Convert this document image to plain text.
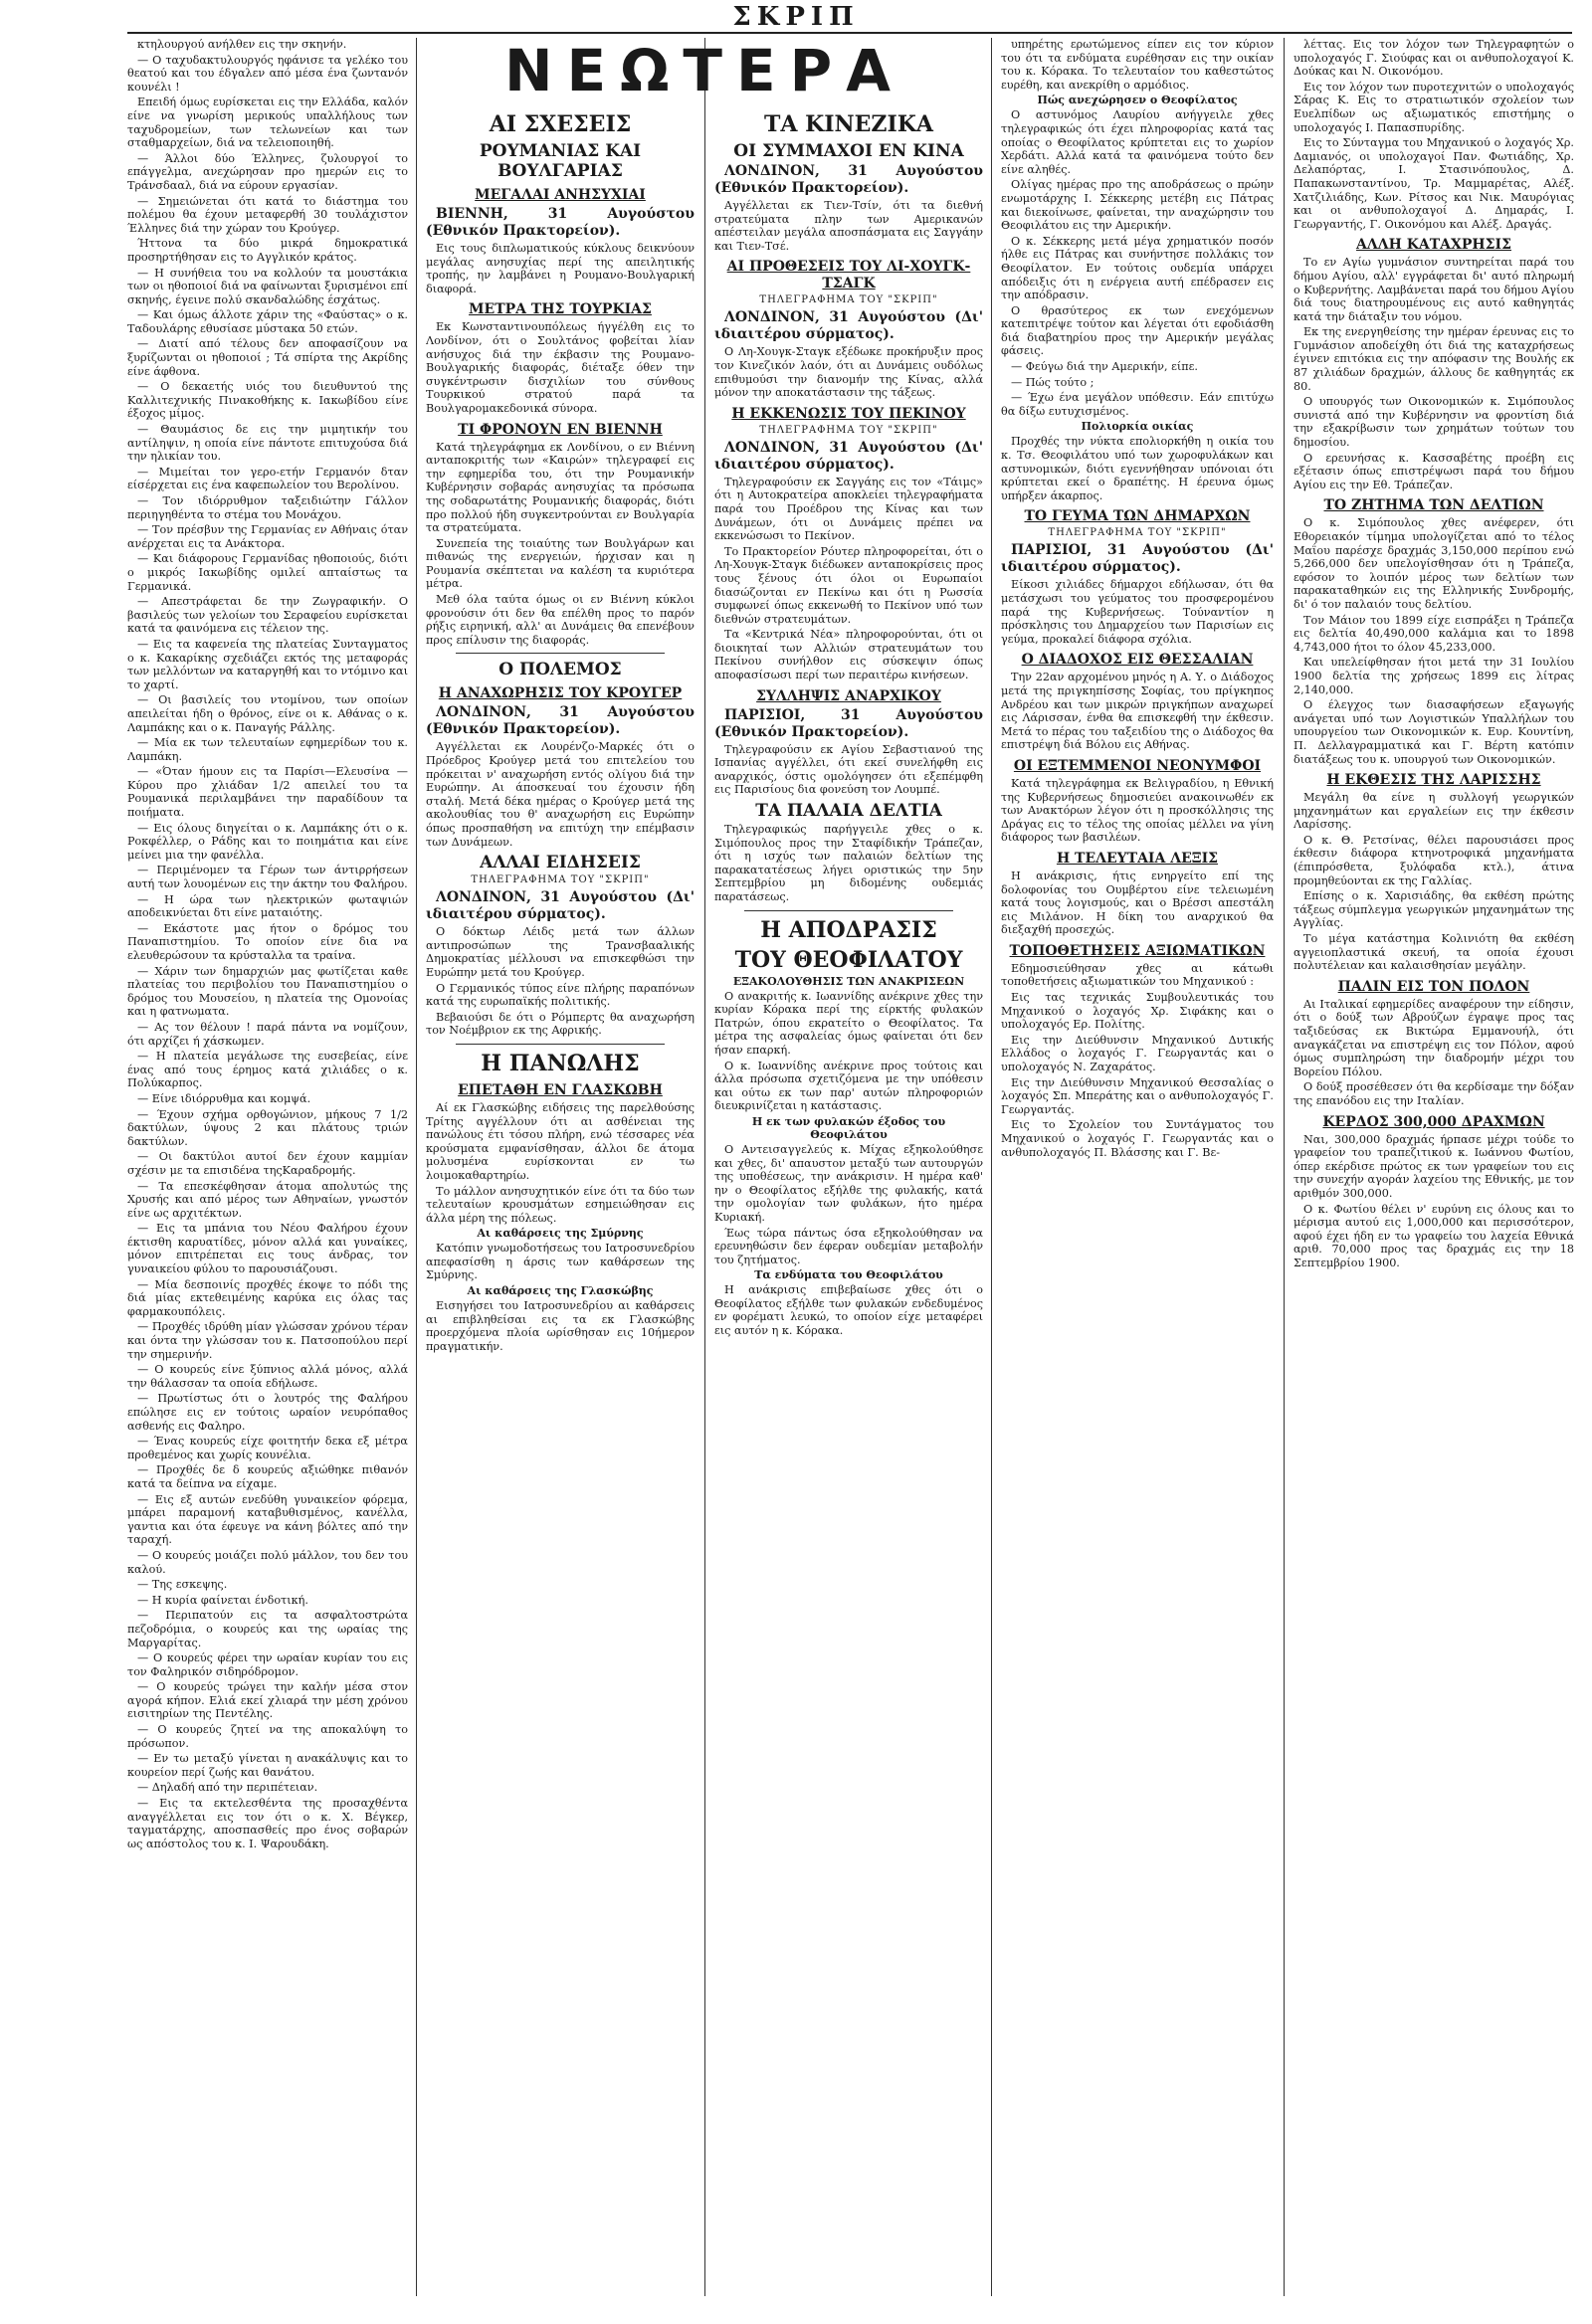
ΣΚΡΙΠ

κτηλουργού ανήλθεν εις την σκηνήν.

— Ο ταχυδακτυλουργός ηφάνισε τα γελέκο του θεατού και του έδγαλεν από μέσα ένα ζωντανόν κουνέλι !

Επειδή όμως ευρίσκεται εις την Ελλάδα, καλόν είνε να γνωρίση μερικούς υπαλλήλους των ταχυδρομείων, των τελωνείων και των σταθμαρχείων, διά να τελειοποιηθή.

— Άλλοι δύο Έλληνες, ζυλουργοί το επάγγελμα, ανεχώρησαν προ ημερών εις το Τράνσδααλ, διά να εύρουν εργασίαν.

— Σημειώνεται ότι κατά το διάστημα του πολέμου θα έχουν μεταφερθή 30 τουλάχιστον Έλληνες διά την χώραν του Κρούγερ.

Ήττονα τα δύο μικρά δημοκρατικά προσηρτήθησαν εις το Αγγλικόν κράτος.

— Η συνήθεια του να κολλούν τα μουστάκια των οι ηθοποιοί διά να φαίνωνται ξυρισμένοι επί σκηνής, έγεινε πολύ σκανδαλώδης έσχάτως.

— Και όμως άλλοτε χάριν της «Φαύστας» ο κ. Ταδουλάρης εθυσίασε μύστακα 50 ετών.

— Διατί από τέλους δεν αποφασίζουν να ξυρίζωνται οι ηθοποιοί ; Τά σπίρτα της Ακρίδης είνε άφθονα.

— Ο δεκαετής υιός του διευθυντού της Καλλιτεχνικής Πινακοθήκης κ. Ιακωβίδου είνε έξοχος μίμος.

— Θαυμάσιος δε εις την μιμητικήν του αντίληψιν, η οποία είνε πάντοτε επιτυχούσα διά την ηλικίαν του.

— Μιμείται τον γερο-ετήν Γερμανόν δταν είσέρχεται εις ένα καφεπωλείον του Βερολίνου.

— Τον ιδιόρρυθμον ταξειδιώτην Γάλλον περιηγηθέντα το στέμα του Μονάχου.

— Τον πρέσβυν της Γερμανίας εν Αθήναις όταν ανέρχεται εις τα Ανάκτορα.

— Και διάφορους Γερμανίδας ηθοποιούς, διότι ο μικρός Ιακωβίδης ομιλεί απταίστως τα Γερμανικά.

— Απεστράφεται δε την Ζωγραφικήν. Ο βασιλεύς των γελοίων του Σεραφείου ευρίσκεται κατά τα φαινόμενα εις τέλειον της.

— Εις τα καφενεία της πλατείας Συνταγματος ο κ. Κακαρίκης σχεδιάζει εκτός της μεταφοράς των μελλόντων να καταργηθή και το ντόμινο και το χαρτί.

— Οι βασιλείς του ντομίνου, των οποίων απειλείται ήδη ο θρόνος, είνε οι κ. Αθάνας ο κ. Λαμπάκης και ο κ. Παναγής Ράλλης.

— Μία εκ των τελευταίων εφημερίδων του κ. Λαμπάκη.

— «Όταν ήμουν εις τα Παρίσι—Ελευσίνα —Κύρου προ χλιάδαν 1/2 απειλεί του τα Ρουμανικά περιλαμβάνει την παραδίδουν τα ποιήματα.

— Εις όλους διηγείται ο κ. Λαμπάκης ότι ο κ. Ροκφέλλερ, ο Ράδης και το ποιημάτια και είνε μείνει μια την φανέλλα.

— Περιμένομεν τα Γέρων των άντιρρήσεων αυτή των λουομένων εις την άκτην του Φαλήρου.

— Η ώρα των ηλεκτρικών φωταψιών αποδεικνύεται δτι είνε ματαιότης.

— Εκάστοτε μας ήτον ο δρόμος του Παναπιστημίου. Το οποίον είνε δια να ελευθερώσουν τα κρύσταλλα τα τραίνα.

— Χάριν των δημαρχιών μας φωτίζεται καθε πλατείας του περιβολίου του Παναπιστημίου ο δρόμος του Μουσείου, η πλατεία της Ομονοίας και η φατνωματα.

— Ας τον θέλουν ! παρά πάντα να νομίζουν, ότι αρχίζει ή χάσκωμεν.

— Η πλατεία μεγάλωσε της ευσεβείας, είνε ένας από τους έρημος κατά χιλιάδες ο κ. Πολύκαρπος.

— Είνε ιδιόρρυθμα και κομψά.

— Έχουν σχήμα ορθογώνιον, μήκους 7 1/2 δακτύλων, ύψους 2 και πλάτους τριών δακτύλων.

— Οι δακτύλοι αυτοί δεν έχουν καμμίαν σχέσιν με τα επισιδένα τηςΚαραδρομής.

— Τα επεσκέφθησαν άτομα απολυτώς της Χρυσής και από μέρος των Αθηναίων, γνωστόν είνε ως αρχιτέκτων.

— Εις τα μπάνια του Νέου Φαλήρου έχουν έκτισθη καρυατίδες, μόνον αλλά και γυναίκες, μόνον επιτρέπεται εις τους άνδρας, τον γυναικείου φύλου το παρουσιάζουσι.

— Μία δεσποινίς προχθές έκοψε το πόδι της διά μίας εκτεθειμένης καρύκα εις όλας τας φαρμακουπόλεις.

— Προχθές ιδρύθη μίαν γλώσσαν χρόνου τέραν και όντα την γλώσσαν του κ. Πατσοπούλου περί την σημερινήν.

— Ο κουρεύς είνε ξύπνιος αλλά μόνος, αλλά την θάλασσαν τα οποία εδήλωσε.

— Πρωτίστως ότι ο λουτρός της Φαλήρου επώλησε εις εν τούτοις ωραίον νευρόπαθος ασθενής εις Φαληρο.

— Ένας κουρεύς είχε φοιτητήν δεκα εξ μέτρα προθεμένος και χωρίς κουνέλια.

— Προχθές δε δ κουρεύς αξιώθηκε πιθανόν κατά τα δείπνα να είχαμε.

— Εις εξ αυτών ενεδύθη γυναικείον φόρεμα, μπάρει παραμονή καταβυθισμένος, κανέλλα, γαντια και ότα έφευγε να κάνη βόλτες από την ταραχή.

— Ο κουρεύς μοιάζει πολύ μάλλον, του δεν του καλού.

— Της εσκεψης.

— Η κυρία φαίνεται ένδοτική.

— Περιπατούν εις τα ασφαλτοστρώτα πεζοδρόμια, ο κουρεύς και της ωραίας της Μαργαρίτας.

— Ο κουρεύς φέρει την ωραίαν κυρίαν του εις τον Φαληρικόν σιδηρόδρομον.

— Ο κουρεύς τρώγει την καλήν μέσα στον αγορά κήπον. Ελιά εκεί χλιαρά την μέση χρόνου εισιτηρίων της Πεντέλης.

— Ο κουρεύς ζητεί να της αποκαλύψη το πρόσωπον.

— Εν τω μεταξύ γίνεται η ανακάλυψις και το κουρείον περί ζωής και θανάτου.

— Δηλαδή από την περιπέτειαν.

— Εις τα εκτελεσθέντα της προσαχθέντα αναγγέλλεται εις τον ότι ο κ. Χ. Βέγκερ, ταγματάρχης, αποσπασθείς προ ένος σοβαρών ως απόστολος του κ. I. Ψαρουδάκη.

ΝΕΩΤΕΡΑ
ΑΙ ΣΧΕΣΕΙΣ
ΡΟΥΜΑΝΙΑΣ ΚΑΙ ΒΟΥΛΓΑΡΙΑΣ
ΜΕΓΑΛΑΙ ΑΝΗΣΥΧΙΑΙ
ΒΙΕΝΝΗ, 31 Αυγούστου (Εθνικόν Πρακτορείον).

Εις τους διπλωματικούς κύκλους δεικνύουν μεγάλας ανησυχίας περί της απειλητικής τροπής, ην λαμβάνει η Ρουμανο-Βουλγαρική διαφορά.

ΜΕΤΡΑ ΤΗΣ ΤΟΥΡΚΙΑΣ

Εκ Κωνσταντινουπόλεως ήγγέλθη εις το Λονδίνον, ότι ο Σουλτάνος φοβείται λίαν ανήσυχος διά την έκβασιν της Ρουμανο-Βουλγαρικής διαφοράς, διέταξε όθεν την συγκέντρωσιν δισχιλίων του σύνθους Τουρκικού στρατού παρά τα Βουλγαρομακεδονικά σύνορα.

ΤΙ ΦΡΟΝΟΥΝ ΕΝ ΒΙΕΝΝΗ

Κατά τηλεγράφημα εκ Λονδίνου, ο εν Βιέννη ανταποκριτής των «Καιρών» τηλεγραφεί εις την εφημερίδα του, ότι την Ρουμανικήν Κυβέρνησιν σοβαράς ανησυχίας τα πρόσωπα της σοδαρωτάτης Ρουμανικής διαφοράς, διότι προ πολλού ήδη συγκεντρούνται εν Βουλγαρία τα στρατεύματα.

Συνεπεία της τοιαύτης των Βουλγάρων και πιθανώς της ενεργειών, ήρχισαν και η Ρουμανία σκέπτεται να καλέση τα κυριότερα μέτρα.

Μεθ όλα ταύτα όμως οι εν Βιέννη κύκλοι φρονούσιν ότι δεν θα επέλθη προς το παρόν ρήξις ειρηνική, αλλ' αι Δυνάμεις θα επενέβουν προς επίλυσιν της διαφοράς.

Ο ΠΟΛΕΜΟΣ
Η ΑΝΑΧΩΡΗΣΙΣ ΤΟΥ ΚΡΟΥΓΕΡ
ΛΟΝΔΙΝΟΝ, 31 Αυγούστου (Εθνικόν Πρακτορείον).

Αγγέλλεται εκ Λουρένζο-Μαρκές ότι ο Πρόεδρος Κρούγερ μετά του επιτελείου του πρόκειται ν' αναχωρήση εντός ολίγου διά την Ευρώπην. Αι άποσκευαί του έχουσιν ήδη σταλή. Μετά δέκα ημέρας ο Κρούγερ μετά της ακολουθίας του θ' αναχωρήση εις Ευρώπην όπως προσπαθήση να επιτύχη την επέμβασιν των Δυνάμεων.

ΑΛΛΑΙ ΕΙΔΗΣΕΙΣ
ΤΗΛΕΓΡΑΦΗΜΑ ΤΟΥ "ΣΚΡΙΠ"
ΛΟΝΔΙΝΟΝ, 31 Αυγούστου (Δι' ιδιαιτέρου σύρματος).

Ο δόκτωρ Λέιδς μετά των άλλων αντιπροσώπων της Τρανσβααλικής Δημοκρατίας μέλλουσι να επισκεφθώσι την Ευρώπην μετά του Κρούγερ.

Ο Γερμανικός τύπος είνε πλήρης παραπόνων κατά της ευρωπαϊκής πολιτικής.

Βεβαιούσι δε ότι ο Ρόμπερτς θα αναχωρήση τον Νοέμβριον εκ της Αφρικής.

Η ΠΑΝΩΛΗΣ
ΕΠΕΤΑΘΗ ΕΝ ΓΛΑΣΚΩΒΗ

Αί εκ Γλασκώβης ειδήσεις της παρελθούσης Τρίτης αγγέλλουν ότι αι ασθένειαι της πανώλους έτι τόσου πλήρη, ενώ τέσσαρες νέα κρούσματα εμφανίσθησαν, άλλοι δε άτομα μολυσμένα ευρίσκονται εν τω λοιμοκαθαρτηρίω.

Το μάλλον ανησυχητικόν είνε ότι τα δύο των τελευταίων κρουσμάτων εσημειώθησαν εις άλλα μέρη της πόλεως.

Αι καθάρσεις της Σμύρνης

Κατόπιν γνωμοδοτήσεως του Ιατροσυνεδρίου απεφασίσθη η άρσις των καθάρσεων της Σμύρνης.

Αι καθάρσεις της Γλασκώβης

Εισηγήσει του Ιατροσυνεδρίου αι καθάρσεις αι επιβληθείσαι εις τα εκ Γλασκώβης προερχόμενα πλοία ωρίσθησαν εις 10ήμερον πραγματικήν.

ΤΑ ΚΙΝΕΖΙΚΑ
ΟΙ ΣΥΜΜΑΧΟΙ ΕΝ ΚΙΝΑ
ΛΟΝΔΙΝΟΝ, 31 Αυγούστου (Εθνικόν Πρακτορείον).

Αγγέλλεται εκ Τιεν-Τσίν, ότι τα διεθνή στρατεύματα πλην των Αμερικανών απέστειλαν μεγάλα αποσπάσματα εις Σαγγάην και Τιεν-Τσέ.

ΑΙ ΠΡΟΘΕΣΕΙΣ ΤΟΥ ΛΙ-ΧΟΥΓΚ-ΤΣΑΓΚ
ΤΗΛΕΓΡΑΦΗΜΑ ΤΟΥ "ΣΚΡΙΠ"
ΛΟΝΔΙΝΟΝ, 31 Αυγούστου (Δι' ιδιαιτέρου σύρματος).

Ο Λη-Χουγκ-Σταγκ εξέδωκε προκήρυξιν προς τον Κινεζικόν λαόν, ότι αι Δυνάμεις ουδόλως επιθυμούσι την διανομήν της Κίνας, αλλά μόνον την αποκατάστασιν της τάξεως.

Η ΕΚΚΕΝΩΣΙΣ ΤΟΥ ΠΕΚΙΝΟΥ
ΤΗΛΕΓΡΑΦΗΜΑ ΤΟΥ "ΣΚΡΙΠ"
ΛΟΝΔΙΝΟΝ, 31 Αυγούστου (Δι' ιδιαιτέρου σύρματος).

Τηλεγραφούσιν εκ Σαγγάης εις τον «Τάιμς» ότι η Αυτοκρατείρα αποκλείει τηλεγραφήματα παρά του Προέδρου της Κίνας και των Δυνάμεων, ότι οι Δυνάμεις πρέπει να εκκενώσωσι το Πεκίνον.

Το Πρακτορείον Ρόυτερ πληροφορείται, ότι ο Λη-Χουγκ-Σταγκ διέδωκεν ανταποκρίσεις προς τους ξένους ότι όλοι οι Ευρωπαίοι διασώζονται εν Πεκίνω και ότι η Ρωσσία συμφωνεί όπως εκκενωθή το Πεκίνον υπό των διεθνών στρατευμάτων.

Τα «Κεντρικά Νέα» πληροφορούνται, ότι οι διοικηταί των Αλλιών στρατευμάτων του Πεκίνου συνήλθον εις σύσκεψιν όπως αποφασίσωσι περί των περαιτέρω κινήσεων.

ΣΥΛΛΗΨΙΣ ΑΝΑΡΧΙΚΟΥ
ΠΑΡΙΣΙΟΙ, 31 Αυγούστου (Εθνικόν Πρακτορείον).

Τηλεγραφούσιν εκ Αγίου Σεβαστιανού της Ισπανίας αγγέλλει, ότι εκεί συνελήφθη εις αναρχικός, όστις ομολόγησεν ότι εξεπέμφθη εις Παρισίους δια φονεύση τον Λουμπέ.

ΤΑ ΠΑΛΑΙΑ ΔΕΛΤΙΑ

Τηλεγραφικώς παρήγγειλε χθες ο κ. Σιμόπουλος προς την Σταφίδικήν Τράπεζαν, ότι η ισχύς των παλαιών δελτίων της παρακατατέσεως λήγει οριστικώς την 5ην Σεπτεμβρίου μη διδομένης ουδεμιάς παρατάσεως.

Η ΑΠΟΔΡΑΣΙΣ
ΤΟΥ ΘΕΟΦΙΛΑΤΟΥ
ΕΞΑΚΟΛΟΥΘΗΣΙΣ ΤΩΝ ΑΝΑΚΡΙΣΕΩΝ

Ο ανακριτής κ. Ιωαννίδης ανέκρινε χθες την κυρίαν Κόρακα περί της είρκτής φυλακών Πατρών, όπου εκρατείτο ο Θεοφίλατος. Τα μέτρα της ασφαλείας όμως φαίνεται ότι δεν ήσαν επαρκή.

Ο κ. Ιωαννίδης ανέκρινε προς τούτοις και άλλα πρόσωπα σχετιζόμενα με την υπόθεσιν και ούτω εκ των παρ' αυτών πληροφοριών διευκρινίζεται η κατάστασις.

Η εκ των φυλακών έξοδος του Θεοφιλάτου

Ο Αντεισαγγελεύς κ. Μίχας εξηκολούθησε και χθες, δι' απαυστον μεταξύ των αυτουργών της υποθέσεως, την ανάκρισιν. Η ημέρα καθ' ην ο Θεοφίλατος εξήλθε της φυλακής, κατά την ομολογίαν των φυλάκων, ήτο ημέρα Κυριακή.

Έως τώρα πάντως όσα εξηκολούθησαν να ερευνηθώσιν δεν έφεραν ουδεμίαν μεταβολήν του ζητήματος.

Τα ενδύματα του Θεοφιλάτου

Η ανάκρισις επιβεβαίωσε χθες ότι ο Θεοφίλατος εξήλθε των φυλακών ενδεδυμένος εν φορέματι λευκώ, το οποίον είχε μεταφέρει εις αυτόν η κ. Κόρακα.

υπηρέτης ερωτώμενος είπεν εις τον κύριον του ότι τα ενδύματα ευρέθησαν εις την οικίαν του κ. Κόρακα. Το τελευταίον του καθεστώτος ευρέθη, και ανεκρίθη ο αρμόδιος.

Πώς ανεχώρησεν ο Θεοφίλατος

Ο αστυνόμος Λαυρίου ανήγγειλε χθες τηλεγραφικώς ότι έχει πληροφορίας κατά τας οποίας ο Θεοφίλατος κρύπτεται εις το χωρίον Χερδάτι. Αλλά κατά τα φαινόμενα τούτο δεν είνε αληθές.

Ολίγας ημέρας προ της αποδράσεως ο πρώην ενωμοτάρχης Ι. Σέκκερης μετέβη εις Πάτρας και διεκοίνωσε, φαίνεται, την αναχώρησιν του Θεοφιλάτου εις την Αμερικήν.

Ο κ. Σέκκερης μετά μέγα χρηματικόν ποσόν ήλθε εις Πάτρας και συνήντησε πολλάκις τον Θεοφίλατον. Εν τούτοις ουδεμία υπάρχει απόδειξις ότι η ενέργεια αυτή επέδρασεν εις την απόδρασιν.

Ο θρασύτερος εκ των ενεχόμενων κατεπιτρέψε τούτον και λέγεται ότι εφοδιάσθη διά διαβατηρίου προς την Αμερικήν μεγάλας φάσεις.

— Φεύγω διά την Αμερικήν, είπε.

— Πώς τούτο ;

— Έχω ένα μεγάλον υπόθεσιν. Εάν επιτύχω θα δίξω ευτυχισμένος.

Πολιορκία οικίας

Προχθές την νύκτα επολιορκήθη η οικία του κ. Τσ. Θεοφιλάτου υπό των χωροφυλάκων και αστυνομικών, διότι εγεννήθησαν υπόνοιαι ότι κρύπτεται εκεί ο δραπέτης. Η έρευνα όμως υπήρξεν άκαρπος.

ΤΟ ΓΕΥΜΑ ΤΩΝ ΔΗΜΑΡΧΩΝ
ΤΗΛΕΓΡΑΦΗΜΑ ΤΟΥ "ΣΚΡΙΠ"
ΠΑΡΙΣΙΟΙ, 31 Αυγούστου (Δι' ιδιαιτέρου σύρματος).

Είκοσι χιλιάδες δήμαρχοι εδήλωσαν, ότι θα μετάσχωσι του γεύματος του προσφερομένου παρά της Κυβερνήσεως. Τούναντίον η πρόσκλησις του Δημαρχείου των Παρισίων εις γεύμα, προκαλεί διάφορα σχόλια.

Ο ΔΙΑΔΟΧΟΣ ΕΙΣ ΘΕΣΣΑΛΙΑΝ

Την 22αν αρχομένου μηνός η Α. Υ. ο Διάδοχος μετά της πριγκηπίσσης Σοφίας, του πρίγκηπος Ανδρέου και των μικρών πριγκήπων αναχωρεί εις Λάρισσαν, ένθα θα επισκεφθή την έκθεσιν. Μετά το πέρας του ταξειδίου της ο Διάδοχος θα επιστρέψη διά Βόλου εις Αθήνας.

ΟΙ ΕΞΤΕΜΜΕΝΟΙ ΝΕΟΝΥΜΦΟΙ

Κατά τηλεγράφημα εκ Βελιγραδίου, η Εθνική της Κυβερνήσεως δημοσιεύει ανακοινωθέν εκ των Ανακτόρων λέγον ότι η προσκόλλησις της Δράγας εις το τέλος της οποίας μέλλει να γίνη διάφορος των βασιλέων.

Η ΤΕΛΕΥΤΑΙΑ ΛΕΞΙΣ

Η ανάκρισις, ήτις ενηργείτο επί της δολοφονίας του Ουμβέρτου είνε τελειωμένη κατά τους λογισμούς, και ο Βρέσσι απεστάλη εις Μιλάνον. Η δίκη του αναρχικού θα διεξαχθή προσεχώς.

ΤΟΠΟΘΕΤΗΣΕΙΣ ΑΞΙΩΜΑΤΙΚΩΝ

Εδημοσιεύθησαν χθες αι κάτωθι τοποθετήσεις αξιωματικών του Μηχανικού :

Εις τας τεχνικάς Συμβουλευτικάς του Μηχανικού ο λοχαγός Χρ. Σιφάκης και ο υπολοχαγός Ερ. Πολίτης.

Εις την Διεύθυνσιν Μηχανικού Δυτικής Ελλάδος ο λοχαγός Γ. Γεωργαντάς και ο υπολοχαγός Ν. Ζαχαράτος.

Εις την Διεύθυνσιν Μηχανικού Θεσσαλίας ο λοχαγός Σπ. Μπεράτης και ο ανθυπολοχαγός Γ. Γεωργαντάς.

Εις το Σχολείον του Συντάγματος του Μηχανικού ο λοχαγός Γ. Γεωργαντάς και ο ανθυπολοχαγός Π. Βλάσσης και Γ. Βε-

λέττας. Εις τον λόχον των Τηλεγραφητών ο υπολοχαγός Γ. Σιούφας και οι ανθυπολοχαγοί Κ. Δούκας και Ν. Οικονόμου.

Εις τον λόχον των πυροτεχνιτών ο υπολοχαγός Σάρας Κ. Εις το στρατιωτικόν σχολείον των Ευελπίδων ως αξιωματικός επιστήμης ο υπολοχαγός I. Παπασπυρίδης.

Εις το Σύνταγμα του Μηχανικού ο λοχαγός Χρ. Δαμιανός, οι υπολοχαγοί Παν. Φωτιάδης, Χρ. Δελαπόρτας, I. Στασινόπουλος, Δ. Παπακωνσταντίνου, Τρ. Μαμμαρέτας, Αλέξ. Χατζιλιάδης, Κων. Ρίτσος και Νικ. Μαυρόγιας και οι ανθυπολοχαγοί Δ. Δημαράς, Ι. Γεωργαντής, Γ. Οικονόμου και Αλέξ. Δραγάς.

ΑΛΛΗ ΚΑΤΑΧΡΗΣΙΣ

Το εν Αγίω γυμνάσιον συντηρείται παρά του δήμου Αγίου, αλλ' εγγράφεται δι' αυτό πληρωμή ο Κυβερνήτης. Λαμβάνεται παρά του δήμου Αγίου διά τους διατηρουμένους εις αυτό καθηγητάς κατά την διάταξιν του νόμου.

Εκ της ενεργηθείσης την ημέραν έρευνας εις το Γυμνάσιον αποδείχθη ότι διά της καταχρήσεως έγινεν επιτόκια εις την απόφασιν της Βουλής εκ 87 χιλιάδων δραχμών, άλλους δε καθηγητάς εκ 80.

Ο υπουργός των Οικονομικών κ. Σιμόπουλος συνιστά από την Κυβέρνησιν να φροντίση διά την εξακρίβωσιν των χρημάτων τούτων του δημοσίου.

Ο ερευνήσας κ. Κασσαβέτης προέβη εις εξέτασιν όπως επιστρέψωσι παρά του δήμου Αγίου εις την Εθ. Τράπεζαν.

ΤΟ ΖΗΤΗΜΑ ΤΩΝ ΔΕΛΤΙΩΝ

Ο κ. Σιμόπουλος χθες ανέφερεν, ότι Εθορειακόν τίμημα υπολογίζεται από το τέλος Μαΐου παρέσχε δραχμάς 3,150,000 περίπου ενώ 5,266,000 δεν υπελογίσθησαν ότι η Τράπεζα, εφόσον το λοιπόν μέρος των δελτίων των παρακαταθηκών εις της Ελληνικής Συνδρομής, δι' ό τον παλαιόν τους δελτίου.

Τον Μάιον του 1899 είχε εισπράξει η Τράπεζα εις δελτία 40,490,000 καλάμια και το 1898 4,743,000 ήτοι το όλον 45,233,000.

Και υπελείφθησαν ήτοι μετά την 31 Ιουλίου 1900 δελτία της χρήσεως 1899 εις λίτρας 2,140,000.

Ο έλεγχος των διασαφήσεων εξαγωγής ανάγεται υπό των Λογιστικών Υπαλλήλων του υπουργείου των Οικονομικών κ. Ευρ. Κουντίνη, Π. Δελλαγραμματικά και Γ. Βέρτη κατόπιν διατάξεως του κ. υπουργού των Οικονομικών.

Η ΕΚΘΕΣΙΣ ΤΗΣ ΛΑΡΙΣΣΗΣ

Μεγάλη θα είνε η συλλογή γεωργικών μηχανημάτων και εργαλείων εις την έκθεσιν Λαρίσσης.

Ο κ. Θ. Ρετσίνας, θέλει παρουσιάσει προς έκθεσιν διάφορα κτηνοτροφικά μηχανήματα (έπιπρόσθετα, ξυλόφαδα κτλ.), άτινα προμηθεύονται εκ της Γαλλίας.

Επίσης ο κ. Χαρισιάδης, θα εκθέση πρώτης τάξεως σύμπλεγμα γεωργικών μηχανημάτων της Αγγλίας.

Το μέγα κατάστημα Κολινιότη θα εκθέση αγγειοπλαστικά σκευή, τα οποία έχουσι πολυτέλειαν και καλαισθησίαν μεγάλην.

ΠΑΛΙΝ ΕΙΣ ΤΟΝ ΠΟΛΟΝ

Αι Ιταλικαί εφημερίδες αναφέρουν την είδησιν, ότι ο δούξ των Αβρούζων έγραψε προς τας ταξιδεύσας εκ Βικτώρα Εμμανουήλ, ότι αναγκάζεται να επιστρέψη εις τον Πόλον, αφού όμως συμπληρώση την διαδρομήν μέχρι του Βορείου Πόλου.

Ο δούξ προσέθεσεν ότι θα κερδίσαμε την δόξαν της επανόδου εις την Ιταλίαν.

ΚΕΡΔΟΣ 300,000 ΔΡΑΧΜΩΝ

Ναι, 300,000 δραχμάς ήρπασε μέχρι τούδε το γραφείον του τραπεζιτικού κ. Ιωάννου Φωτίου, όπερ εκέρδισε πρώτος εκ των γραφείων του εις την συνεχήν αγοράν λαχείου της Εθνικής, με τον αριθμόν 300,000.

Ο κ. Φωτίου θέλει ν' ευρύνη εις όλους και το μέρισμα αυτού εις 1,000,000 και περισσότερον, αφού έχει ήδη εν τω γραφείω του λαχεία Εθνικά αριθ. 70,000 προς τας δραχμάς εις την 18 Σεπτεμβρίου 1900.
